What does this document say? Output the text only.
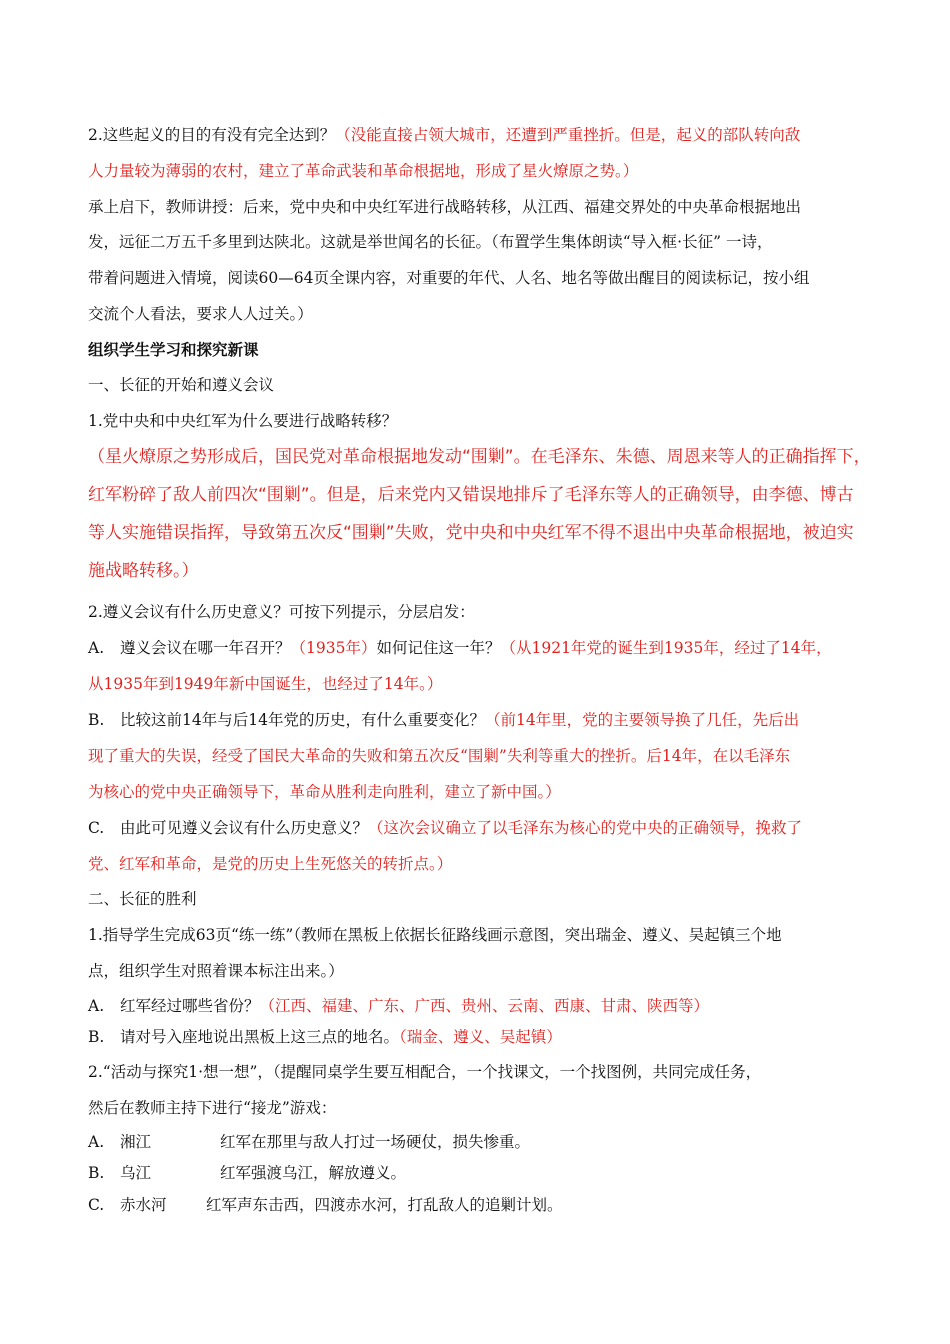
2.这些起义的目的有没有完全达到？（没能直接占领大城市，还遭到严重挫折。但是，起义的部队转向敌
人力量较为薄弱的农村，建立了革命武装和革命根据地，形成了星火燎原之势。）
承上启下，教师讲授：后来，党中央和中央红军进行战略转移，从江西、福建交界处的中央革命根据地出
发，远征二万五千多里到达陕北。这就是举世闻名的长征。（布置学生集体朗读“导入框·长征” 一诗，
带着问题进入情境，阅读60—64页全课内容，对重要的年代、人名、地名等做出醒目的阅读标记，按小组
交流个人看法，要求人人过关。）
组织学生学习和探究新课
一、长征的开始和遵义会议
1.党中央和中央红军为什么要进行战略转移？
（星火燎原之势形成后，国民党对革命根据地发动“围剿”。在毛泽东、朱德、周恩来等人的正确指挥下，
红军粉碎了敌人前四次“围剿”。但是，后来党内又错误地排斥了毛泽东等人的正确领导，由李德、博古
等人实施错误指挥，导致第五次反“围剿”失败，党中央和中央红军不得不退出中央革命根据地，被迫实
施战略转移。）
2.遵义会议有什么历史意义？可按下列提示，分层启发：
A. 遵义会议在哪一年召开？（1935年）如何记住这一年？（从1921年党的诞生到1935年，经过了14年，
从1935年到1949年新中国诞生，也经过了14年。）
B. 比较这前14年与后14年党的历史，有什么重要变化？（前14年里，党的主要领导换了几任，先后出
现了重大的失误，经受了国民大革命的失败和第五次反“围剿”失利等重大的挫折。后14年，在以毛泽东
为核心的党中央正确领导下，革命从胜利走向胜利，建立了新中国。）
C. 由此可见遵义会议有什么历史意义？（这次会议确立了以毛泽东为核心的党中央的正确领导，挽救了
党、红军和革命，是党的历史上生死悠关的转折点。）
二、长征的胜利
1.指导学生完成63页“练一练”（教师在黑板上依据长征路线画示意图，突出瑞金、遵义、吴起镇三个地
点，组织学生对照着课本标注出来。）
A. 红军经过哪些省份？（江西、福建、广东、广西、贵州、云南、西康、甘肃、陕西等）
B. 请对号入座地说出黑板上这三点的地名。（瑞金、遵义、吴起镇）
2.“活动与探究1·想一想”，（提醒同桌学生要互相配合，一个找课文，一个找图例，共同完成任务，
然后在教师主持下进行“接龙”游戏：
A. 湘江	红军在那里与敌人打过一场硬仗，损失惨重。
B. 乌江	红军强渡乌江，解放遵义。
C. 赤水河	红军声东击西，四渡赤水河，打乱敌人的追剿计划。
